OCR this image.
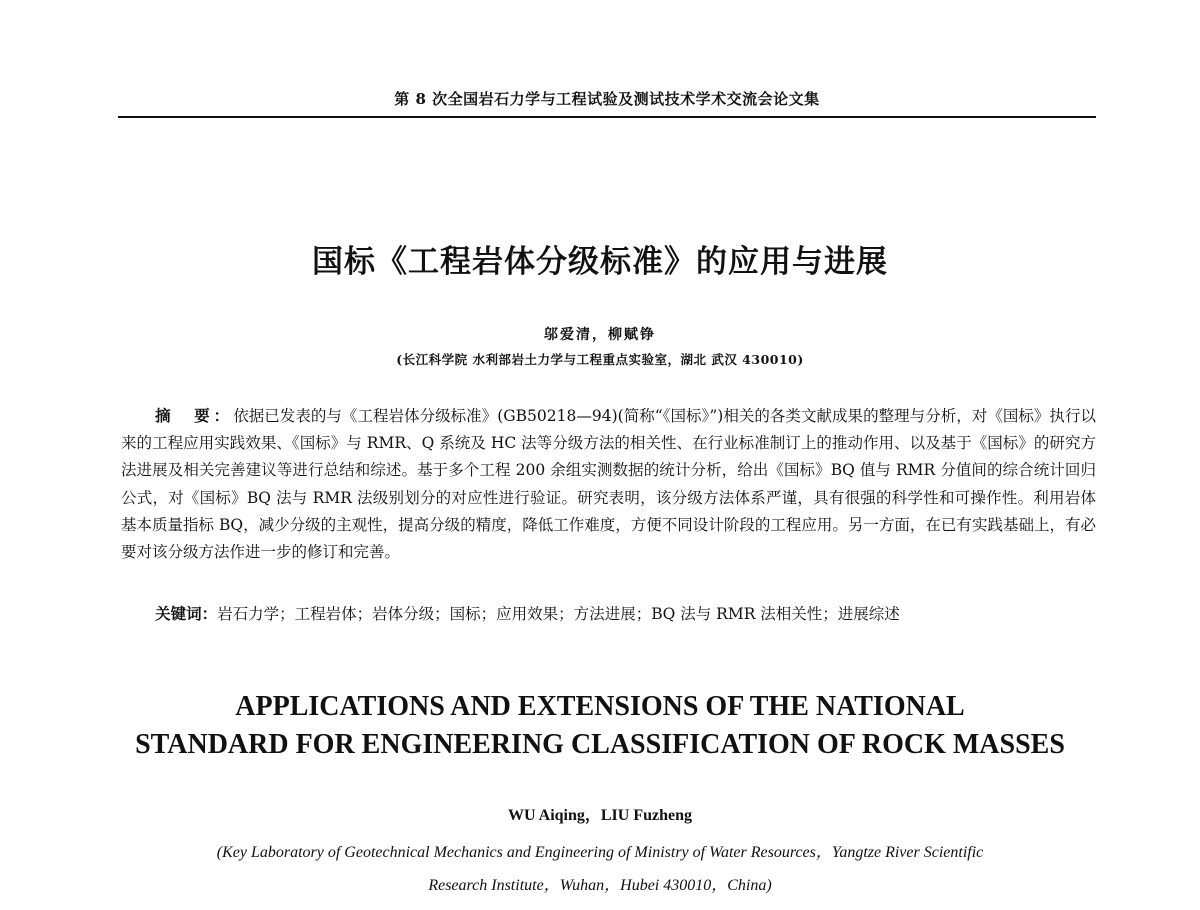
第 8 次全国岩石力学与工程试验及测试技术学术交流会论文集
国标《工程岩体分级标准》的应用与进展
邬爱清，柳赋铮
(长江科学院 水利部岩土力学与工程重点实验室，湖北 武汉 430010)

摘　要：依据已发表的与《工程岩体分级标准》(GB50218—94)(简称“《国标》”)相关的各类文献成果的整理与分析，对《国标》执行以来的工程应用实践效果、《国标》与 RMR、Q 系统及 HC 法等分级方法的相关性、在行业标准制订上的推动作用、以及基于《国标》的研究方法进展及相关完善建议等进行总结和综述。基于多个工程 200 余组实测数据的统计分析，给出《国标》BQ 值与 RMR 分值间的综合统计回归公式，对《国标》BQ 法与 RMR 法级别划分的对应性进行验证。研究表明，该分级方法体系严谨，具有很强的科学性和可操作性。利用岩体基本质量指标 BQ，减少分级的主观性，提高分级的精度，降低工作难度，方便不同设计阶段的工程应用。另一方面，在已有实践基础上，有必要对该分级方法作进一步的修订和完善。

关键词：岩石力学；工程岩体；岩体分级；国标；应用效果；方法进展；BQ 法与 RMR 法相关性；进展综述

APPLICATIONS AND EXTENSIONS OF THE NATIONAL
STANDARD FOR ENGINEERING CLASSIFICATION OF ROCK MASSES
WU Aiqing，LIU Fuzheng
(Key Laboratory of Geotechnical Mechanics and Engineering of Ministry of Water Resources，Yangtze River Scientific
Research Institute，Wuhan，Hubei 430010，China)
